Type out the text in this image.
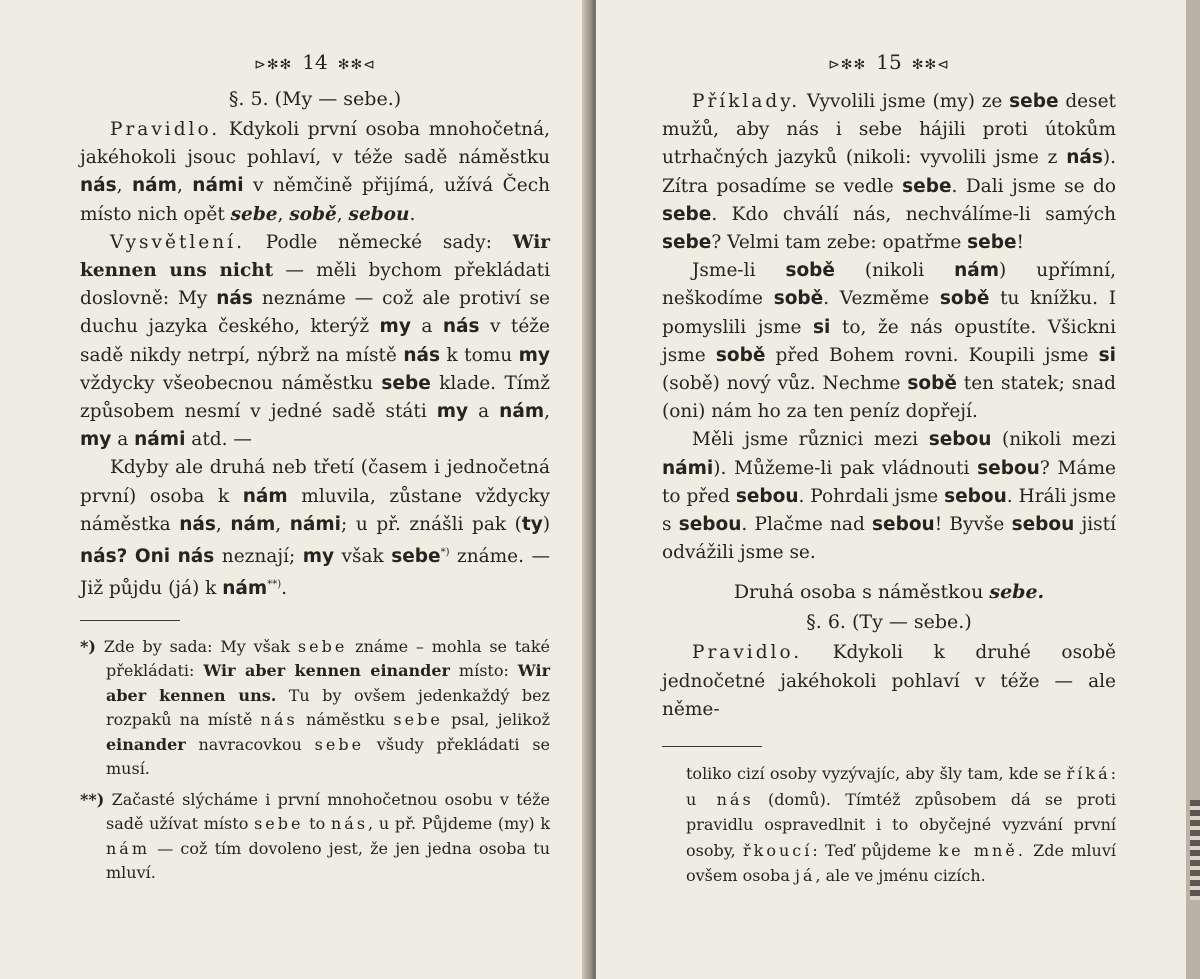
⊳✻✻ 14 ✻✻⊲
§. 5. (My — sebe.)

Pravidlo. Kdykoli první osoba mnohočetná, jakéhokoli jsouc pohlaví, v téže sadě náměstku nás, nám, námi v němčině přijímá, užívá Čech místo nich opět sebe, sobě, sebou.

Vysvětlení. Podle německé sady: Wir kennen uns nicht — měli bychom překládati doslovně: My nás neznáme — což ale protiví se duchu jazyka českého, kterýž my a nás v téže sadě nikdy netrpí, nýbrž na místě nás k tomu my vždycky všeobecnou náměstku sebe klade. Tímž způsobem nesmí v jedné sadě státi my a nám, my a námi atd. —

Kdyby ale druhá neb třetí (časem i jednočetná první) osoba k nám mluvila, zůstane vždycky náměstka nás, nám, námi; u př. znášli pak (ty) nás? Oni nás neznají; my však sebe*) známe. — Již půjdu (já) k nám**).

*) Zde by sada: My však sebe známe – mohla se také překládati: Wir aber kennen einander místo: Wir aber kennen uns. Tu by ovšem jedenkaždý bez rozpaků na místě nás náměstku sebe psal, jelikož einander navracovkou sebe všudy překládati se musí.

**) Začasté slýcháme i první mnohočetnou osobu v téže sadě užívat místo sebe to nás, u př. Půjdeme (my) k nám — což tím dovoleno jest, že jen jedna osoba tu mluví.

⊳✻✻ 15 ✻✻⊲

Příklady. Vyvolili jsme (my) ze sebe deset mužů, aby nás i sebe hájili proti útokům utrhačných jazyků (nikoli: vyvolili jsme z nás). Zítra posadíme se vedle sebe. Dali jsme se do sebe. Kdo chválí nás, nechválíme-li samých sebe? Velmi tam zebe: opatřme sebe!

Jsme-li sobě (nikoli nám) upřímní, neškodíme sobě. Vezměme sobě tu knížku. I pomyslili jsme si to, že nás opustíte. Všickni jsme sobě před Bohem rovni. Koupili jsme si (sobě) nový vůz. Nechme sobě ten statek; snad (oni) nám ho za ten peníz dopřejí.

Měli jsme různici mezi sebou (nikoli mezi námi). Můžeme-li pak vládnouti sebou? Máme to před sebou. Pohrdali jsme sebou. Hráli jsme s sebou. Plačme nad sebou! Byvše sebou jistí odvážili jsme se.

Druhá osoba s náměstkou sebe.
§. 6. (Ty — sebe.)

Pravidlo. Kdykoli k druhé osobě jednočetné jakéhokoli pohlaví v téže — ale něme-

toliko cizí osoby vyzývajíc, aby šly tam, kde se říká: u nás (domů). Tímtéž způsobem dá se proti pravidlu ospravedlnit i to obyčejné vyzvání první osoby, řkoucí: Teď půjdeme ke mně. Zde mluví ovšem osoba já, ale ve jménu cizích.
